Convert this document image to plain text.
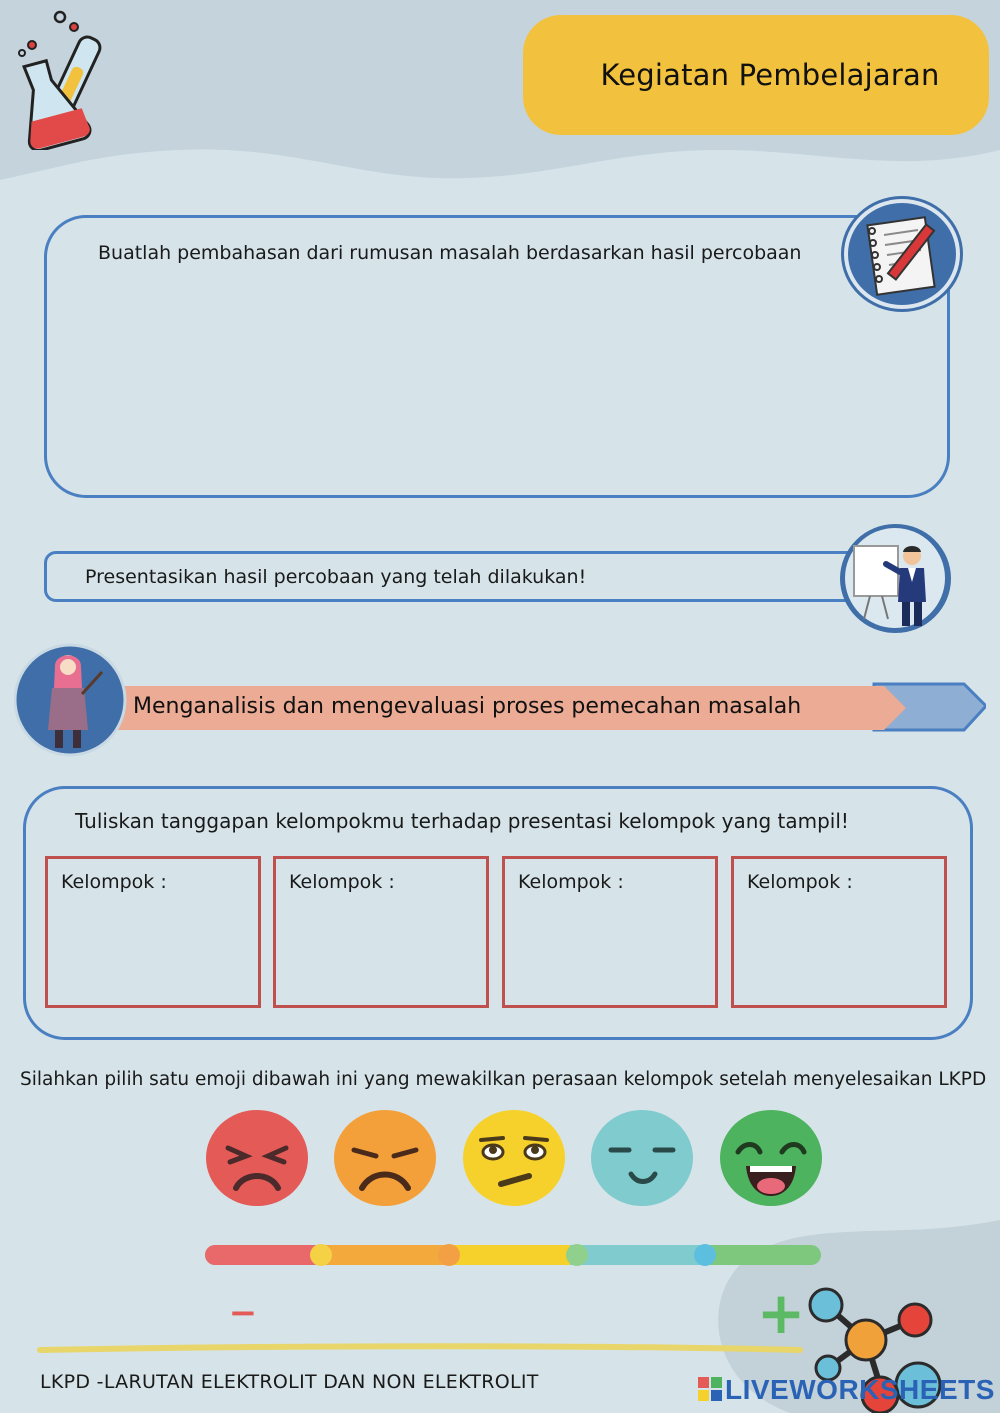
Kegiatan Pembelajaran
Buatlah pembahasan dari rumusan masalah berdasarkan hasil percobaan
Presentasikan hasil percobaan yang telah dilakukan!
Menganalisis dan mengevaluasi proses pemecahan masalah
Tuliskan tanggapan kelompokmu terhadap presentasi kelompok yang tampil!
Kelompok :	Kelompok :	Kelompok :	Kelompok :
Silahkan pilih satu emoji dibawah ini yang mewakilkan perasaan kelompok setelah menyelesaikan LKPD
−	+
LKPD -LARUTAN ELEKTROLIT DAN NON ELEKTROLIT	LIVEWORKSHEETS
